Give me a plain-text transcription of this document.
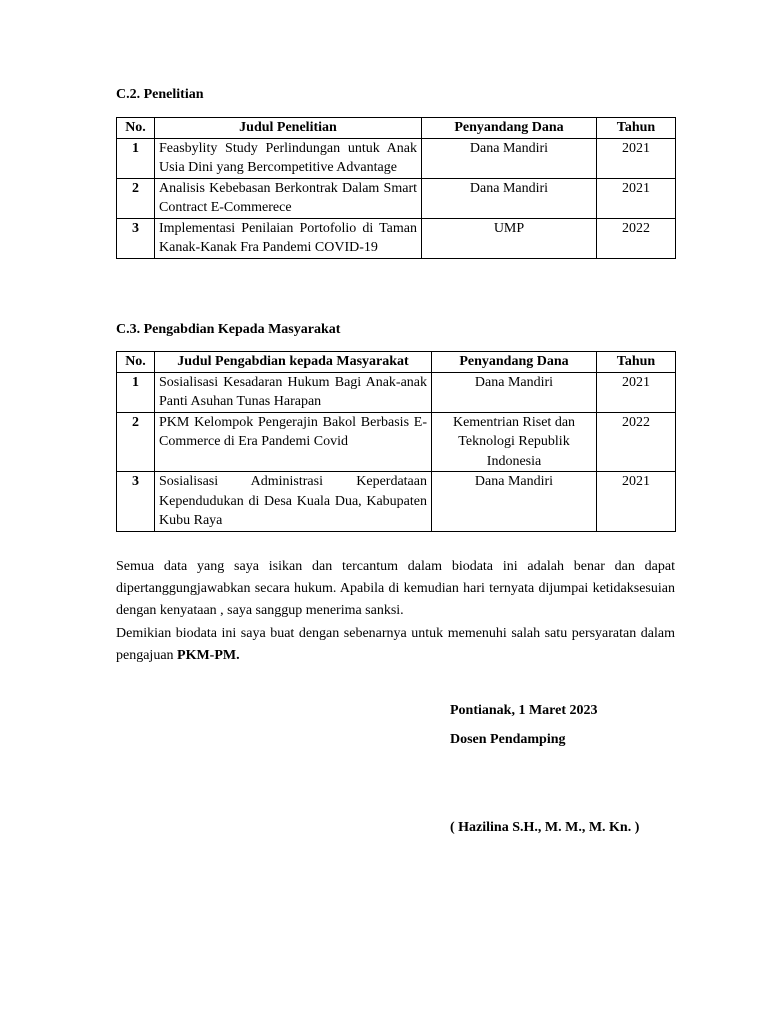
C.2. Penelitian
No.	Judul Penelitian	Penyandang Dana	Tahun
1	Feasbylity Study Perlindungan untuk Anak Usia Dini yang Bercompetitive Advantage	Dana Mandiri	2021
2	Analisis Kebebasan Berkontrak Dalam Smart Contract E-Commerece	Dana Mandiri	2021
3	Implementasi Penilaian Portofolio di Taman Kanak-Kanak Fra Pandemi COVID-19	UMP	2022
C.3. Pengabdian Kepada Masyarakat
No.	Judul Pengabdian kepada Masyarakat	Penyandang Dana	Tahun
1	Sosialisasi Kesadaran Hukum Bagi Anak-anak Panti Asuhan Tunas Harapan	Dana Mandiri	2021
2	PKM Kelompok Pengerajin Bakol Berbasis E-Commerce di Era Pandemi Covid	Kementrian Riset dan Teknologi Republik Indonesia	2022
3	Sosialisasi Administrasi Keperdataan Kependudukan di Desa Kuala Dua, Kabupaten Kubu Raya	Dana Mandiri	2021
Semua data yang saya isikan dan tercantum dalam biodata ini adalah benar dan dapat dipertanggungjawabkan secara hukum. Apabila di kemudian hari ternyata dijumpai ketidaksesuian dengan kenyataan , saya sanggup menerima sanksi.
Demikian biodata ini saya buat dengan sebenarnya untuk memenuhi salah satu persyaratan dalam pengajuan PKM-PM.
Pontianak, 1 Maret 2023
Dosen Pendamping
( Hazilina S.H., M. M., M. Kn. )
